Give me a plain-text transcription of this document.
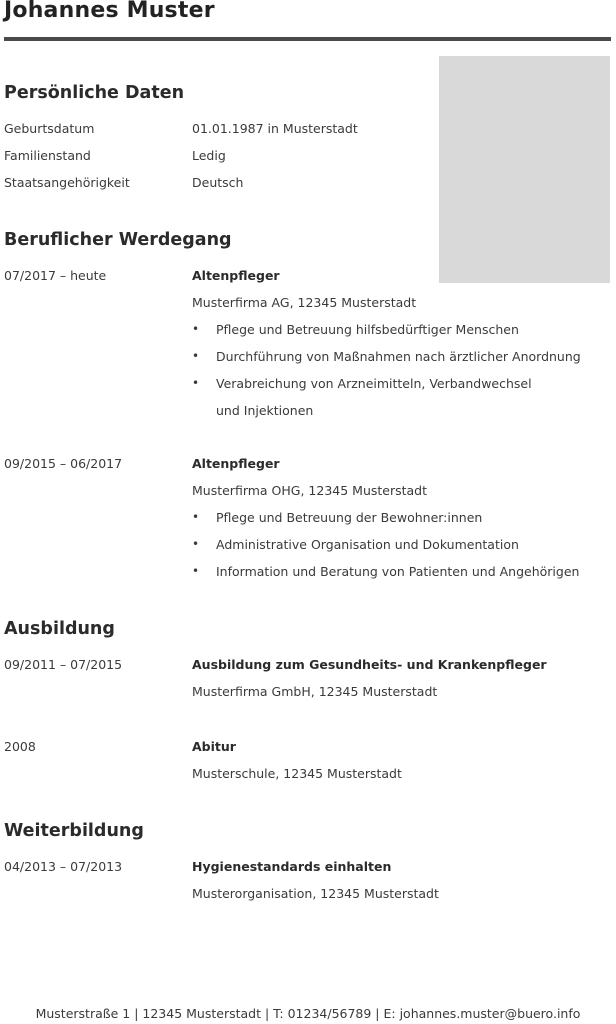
Johannes Muster
Persönliche Daten
Geburtsdatum	01.01.1987 in Musterstadt
Familienstand	Ledig
Staatsangehörigkeit	Deutsch
Beruflicher Werdegang
07/2017 – heute	Altenpfleger
Musterfirma AG, 12345 Musterstadt
• Pflege und Betreuung hilfsbedürftiger Menschen
• Durchführung von Maßnahmen nach ärztlicher Anordnung
• Verabreichung von Arzneimitteln, Verbandwechsel und Injektionen
09/2015 – 06/2017	Altenpfleger
Musterfirma OHG, 12345 Musterstadt
• Pflege und Betreuung der Bewohner:innen
• Administrative Organisation und Dokumentation
• Information und Beratung von Patienten und Angehörigen
Ausbildung
09/2011 – 07/2015	Ausbildung zum Gesundheits- und Krankenpfleger
Musterfirma GmbH, 12345 Musterstadt
2008	Abitur
Musterschule, 12345 Musterstadt
Weiterbildung
04/2013 – 07/2013	Hygienestandards einhalten
Musterorganisation, 12345 Musterstadt
Musterstraße 1 | 12345 Musterstadt | T: 01234/56789 | E: johannes.muster@buero.info
